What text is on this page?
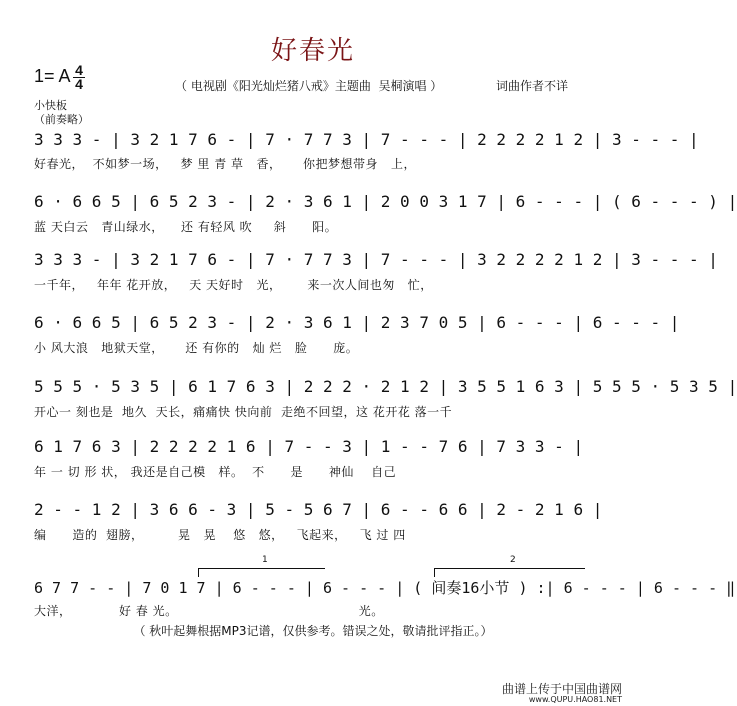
好春光
1= A 4
4	（ 电视剧《阳光灿烂猪八戒》主题曲  吴桐演唱 ）	词曲作者不详
小快板
（前奏略）
3 3 3 - | 3 2 1 7 6 - | 7 · 7 7 3 | 7 - - - | 2 2 2 2 1 2 | 3 - - - |
好春光，  不如梦一场，   梦 里 青 草   香，     你把梦想带身   上，
6 · 6 6 5 | 6 5 2 3 - | 2 · 3 6 1 | 2 0 0 3 1 7 | 6 - - - | ( 6 - - - ) |
蓝 天白云   青山绿水，    还 有轻风 吹     斜      阳。
3 3 3 - | 3 2 1 7 6 - | 7 · 7 7 3 | 7 - - - | 3 2 2 2 2 1 2 | 3 - - - |
一千年，   年年 花开放，   天 天好时   光，      来一次人间也匆   忙，
6 · 6 6 5 | 6 5 2 3 - | 2 · 3 6 1 | 2 3 7 0 5 | 6 - - - | 6 - - - |
小 风大浪   地狱天堂，     还 有你的   灿 烂   脸      庞。
5 5 5 · 5 3 5 | 6 1 7 6 3 | 2 2 2 · 2 1 2 | 3 5 5 1 6 3 | 5 5 5 · 5 3 5 |
开心一 刻也是  地久  天长，痛痛快 快向前  走绝不回望，这 花开花 落一千
6 1 7 6 3 | 2 2 2 2 1 6 | 7 - - 3 | 1 - - 7 6 | 7 3 3 - |
年 一 切 形 状， 我还是自己模   样。  不      是      神仙    自己
2 - - 1 2 | 3 6 6 - 3 | 5 - 5 6 7 | 6 - - 6 6 | 2 - 2 1 6 |
编      造的  翅膀，        晃   晃    悠   悠，   飞起来，   飞 过 四
1	2
6 7 7 - - | 7 0 1 7 | 6 - - - | 6 - - - | ( 间奏16小节 ) :| 6 - - - | 6 - - - ‖
大洋，           好 春 光。                                          光。
（ 秋叶起舞根据MP3记谱，仅供参考。错误之处，敬请批评指正。）
曲谱上传于中国曲谱网
www.QUPU.HAO81.NET
